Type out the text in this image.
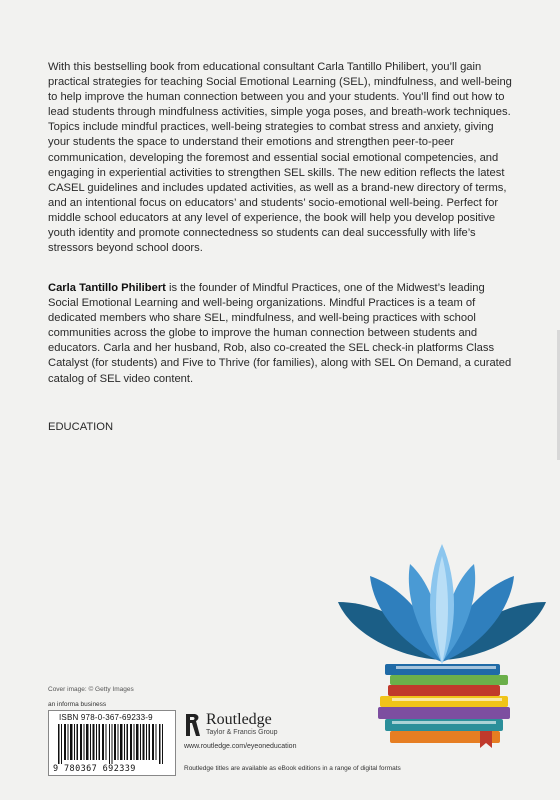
With this bestselling book from educational consultant Carla Tantillo Philibert, you’ll gain practical strategies for teaching Social Emotional Learning (SEL), mindfulness, and well-being to help improve the human connection between you and your students. You’ll find out how to lead students through mindfulness activities, simple yoga poses, and breath-work techniques. Topics include mindful practices, well-being strategies to combat stress and anxiety, giving your students the space to understand their emotions and strengthen peer-to-peer communication, developing the foremost and essential social emotional competencies, and engaging in experiential activities to strengthen SEL skills. The new edition reflects the latest CASEL guidelines and includes updated activities, as well as a brand-new directory of terms, and an intentional focus on educators’ and students’ socio-emotional well-being. Perfect for middle school educators at any level of experience, the book will help you develop positive youth identity and promote connectedness so students can deal successfully with life’s stressors beyond school doors.

Carla Tantillo Philibert is the founder of Mindful Practices, one of the Midwest’s leading Social Emotional Learning and well-being organizations. Mindful Practices is a team of dedicated members who share SEL, mindfulness, and well-being practices with school communities across the globe to improve the human connection between students and educators. Carla and her husband, Rob, also co-created the SEL check-in platforms Class Catalyst (for students) and Five to Thrive (for families), along with SEL On Demand, a curated catalog of SEL video content.

EDUCATION
Cover image: © Getty Images
an informa business
ISBN 978-0-367-69233-9
9 780367 692339
Routledge
Taylor & Francis Group
www.routledge.com/eyeoneducation
Routledge titles are available as eBook editions in a range of digital formats
